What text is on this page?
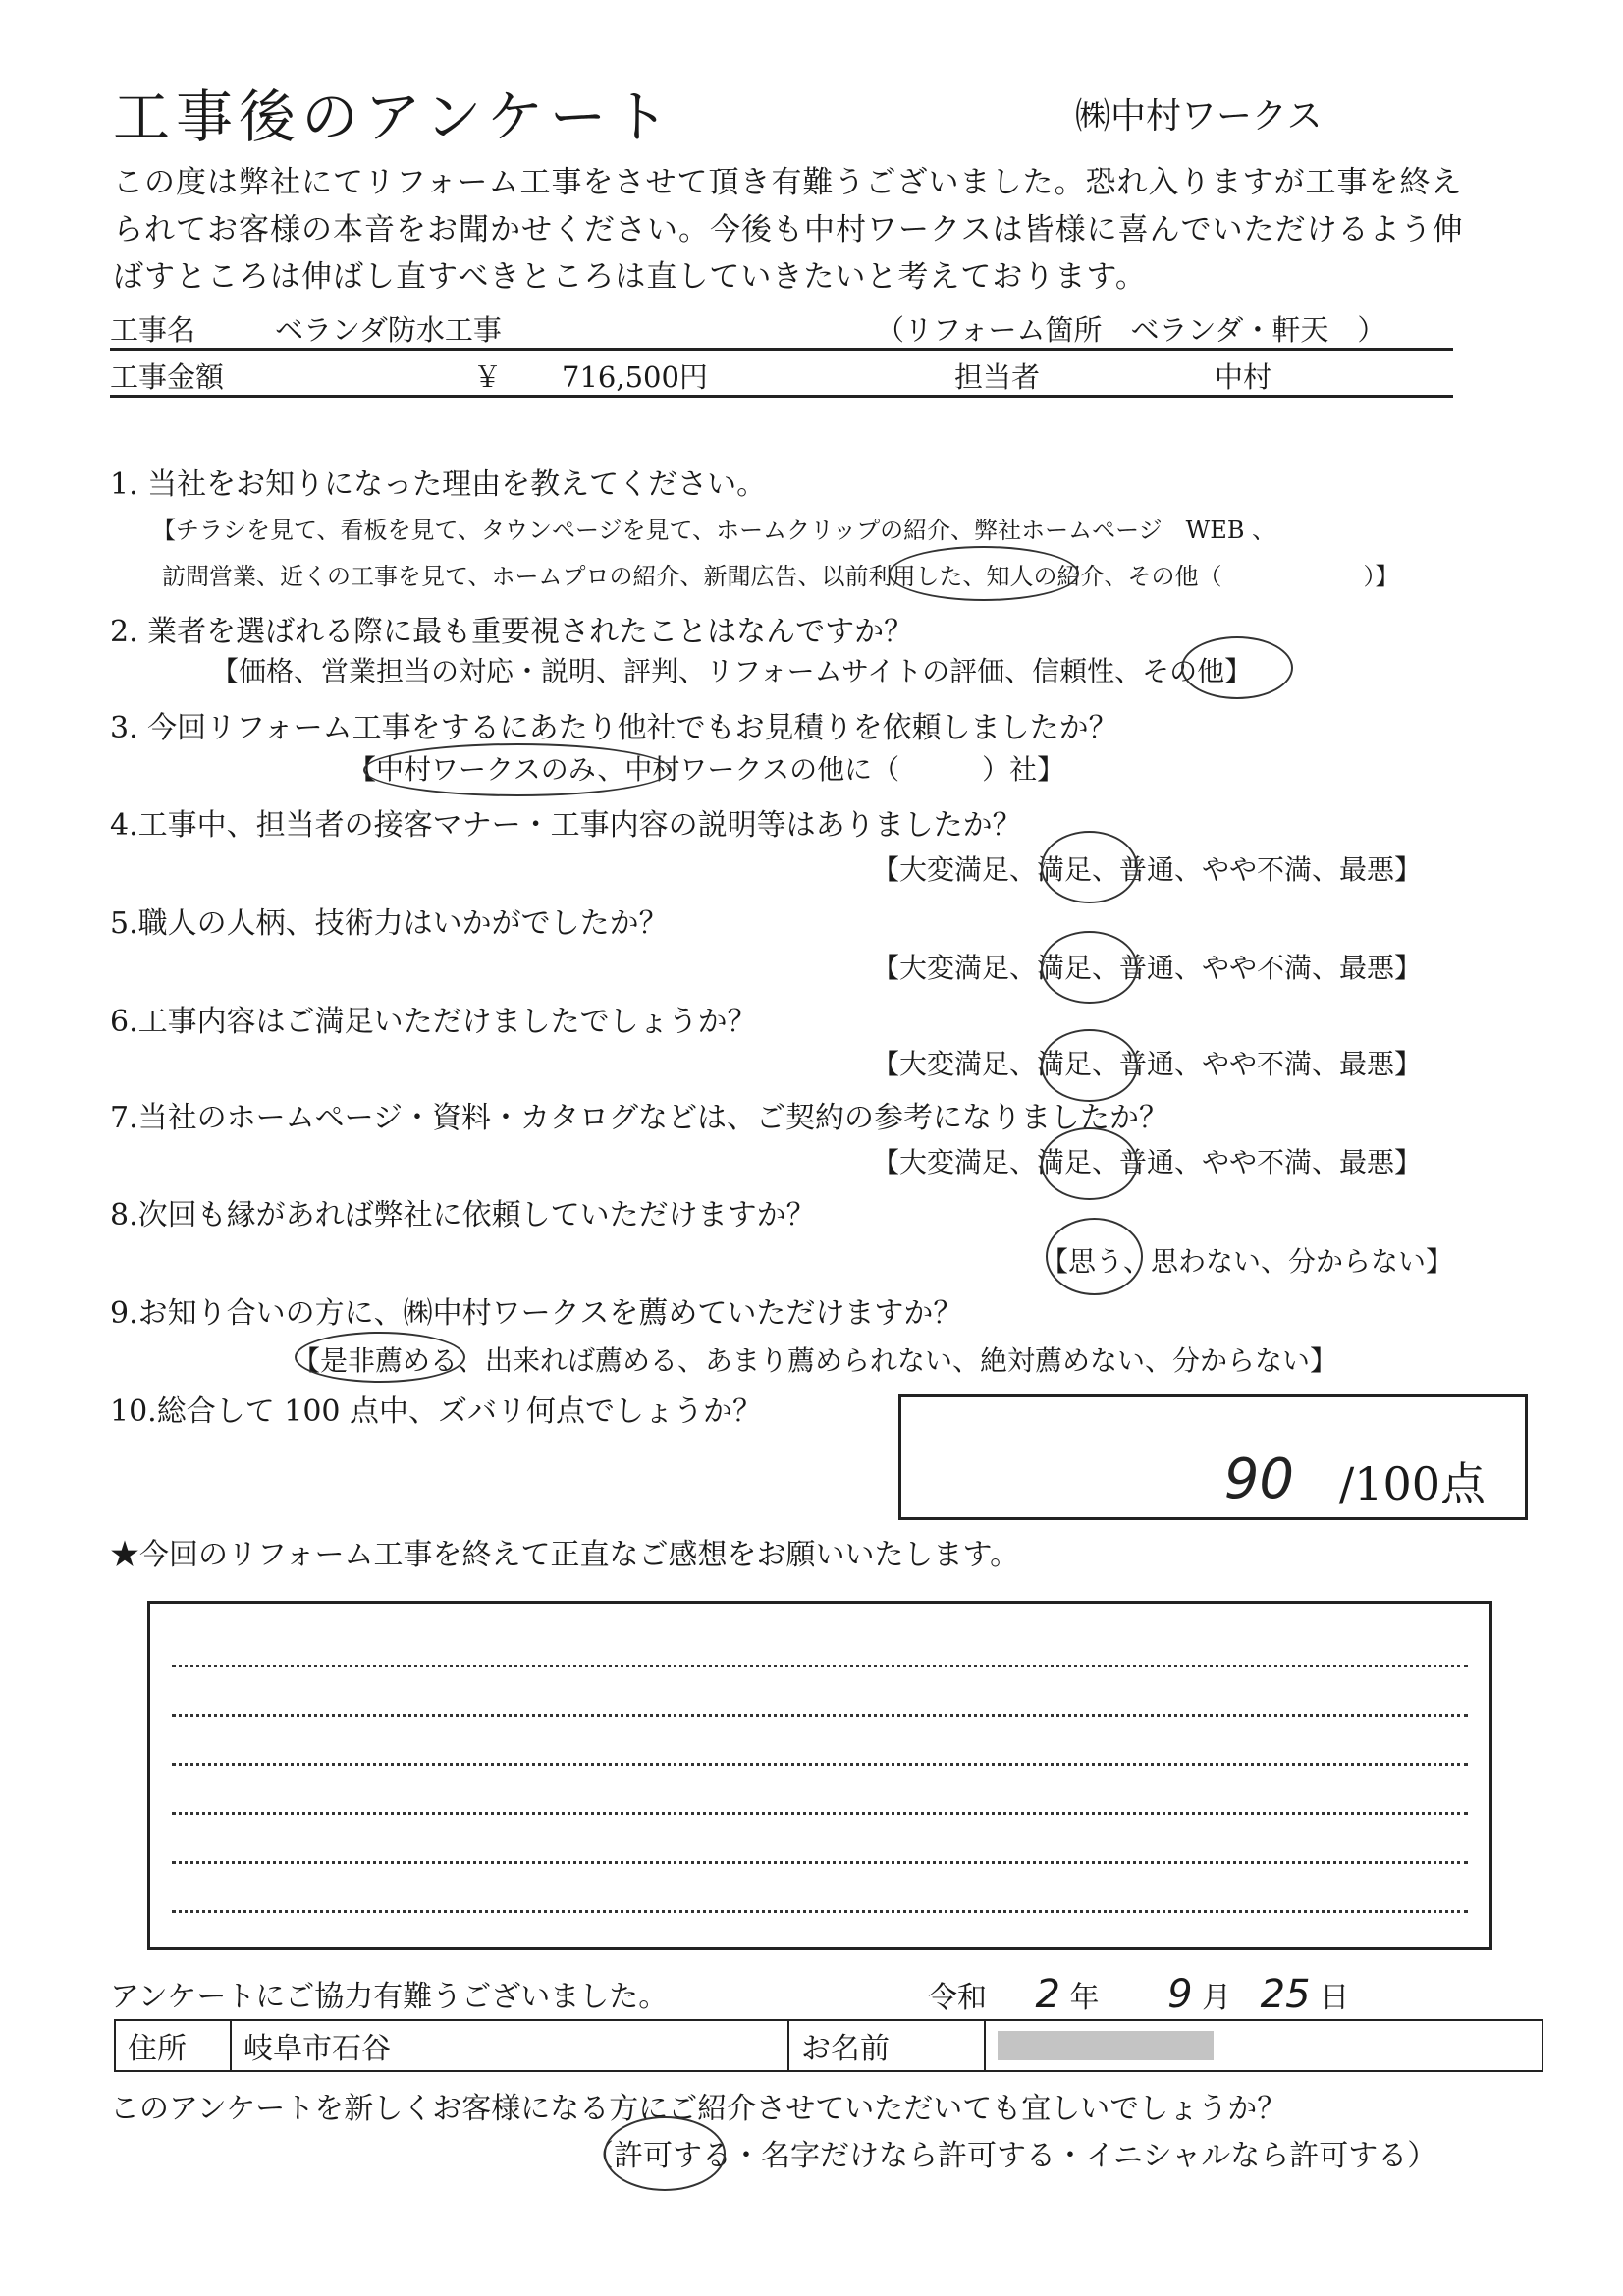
工事後のアンケート	㈱中村ワークス
この度は弊社にてリフォーム工事をさせて頂き有難うございました。恐れ入りますが工事を終え
られてお客様の本音をお聞かせください。今後も中村ワークスは皆様に喜んでいただけるよう伸
ばすところは伸ばし直すべきところは直していきたいと考えております。
工事名	ベランダ防水工事	（リフォーム箇所　ベランダ・軒天　）
工事金額	￥ 716,500円	担当者	中村
1. 当社をお知りになった理由を教えてください。
【チラシを見て、看板を見て、タウンページを見て、ホームクリップの紹介、弊社ホームページ　WEB 、
訪問営業、近くの工事を見て、ホームプロの紹介、新聞広告、以前利用した、知人の紹介、その他（　　　　　　）】
2. 業者を選ばれる際に最も重要視されたことはなんですか？
【価格、営業担当の対応・説明、評判、リフォームサイトの評価、信頼性、その他】
3. 今回リフォーム工事をするにあたり他社でもお見積りを依頼しましたか？
【中村ワークスのみ、中村ワークスの他に（　　　）社】
4.工事中、担当者の接客マナー・工事内容の説明等はありましたか？
【大変満足、満足、普通、やや不満、最悪】
5.職人の人柄、技術力はいかがでしたか？
【大変満足、満足、普通、やや不満、最悪】
6.工事内容はご満足いただけましたでしょうか？
【大変満足、満足、普通、やや不満、最悪】
7.当社のホームページ・資料・カタログなどは、ご契約の参考になりましたか？
【大変満足、満足、普通、やや不満、最悪】
8.次回も縁があれば弊社に依頼していただけますか？
【思う、思わない、分からない】
9.お知り合いの方に、㈱中村ワークスを薦めていただけますか？
【是非薦める、出来れば薦める、あまり薦められない、絶対薦めない、分からない】
10.総合して 100 点中、ズバリ何点でしょうか？
90 /100点
★今回のリフォーム工事を終えて正直なご感想をお願いいたします。
アンケートにご協力有難うございました。	令和 2 年 9 月 25 日
住所	岐阜市石谷	お名前
このアンケートを新しくお客様になる方にご紹介させていただいても宜しいでしょうか？
（許可する・名字だけなら許可する・イニシャルなら許可する）
